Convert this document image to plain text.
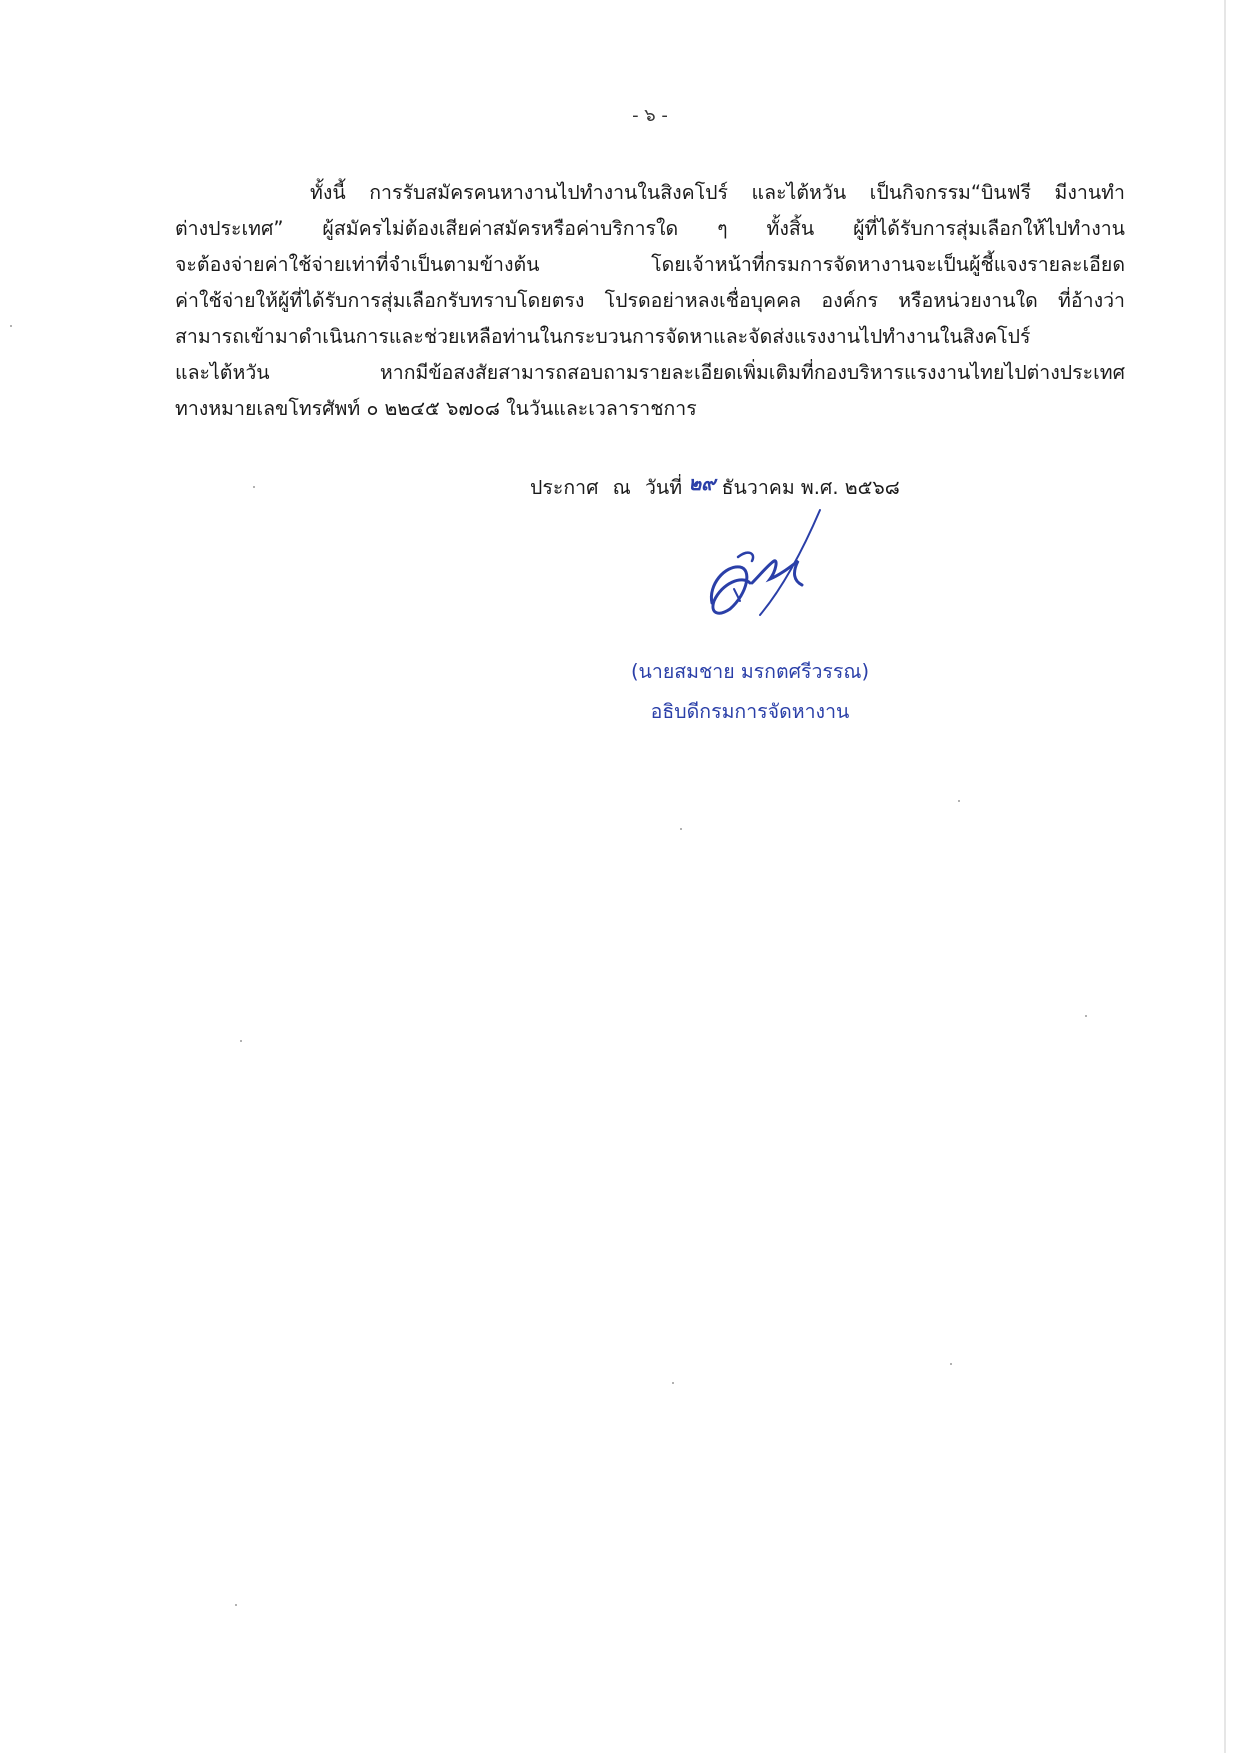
- ๖ -
ทั้งนี้ การรับสมัครคนหางานไปทำงานในสิงคโปร์ และไต้หวัน เป็นกิจกรรม“บินฟรี มีงานทำ
ต่างประเทศ” ผู้สมัครไม่ต้องเสียค่าสมัครหรือค่าบริการใด ๆ ทั้งสิ้น ผู้ที่ได้รับการสุ่มเลือกให้ไปทำงาน
จะต้องจ่ายค่าใช้จ่ายเท่าที่จำเป็นตามข้างต้น โดยเจ้าหน้าที่กรมการจัดหางานจะเป็นผู้ชี้แจงรายละเอียด
ค่าใช้จ่ายให้ผู้ที่ได้รับการสุ่มเลือกรับทราบโดยตรง โปรดอย่าหลงเชื่อบุคคล องค์กร หรือหน่วยงานใด ที่อ้างว่า
สามารถเข้ามาดำเนินการและช่วยเหลือท่านในกระบวนการจัดหาและจัดส่งแรงงานไปทำงานในสิงคโปร์
และไต้หวัน หากมีข้อสงสัยสามารถสอบถามรายละเอียดเพิ่มเติมที่กองบริหารแรงงานไทยไปต่างประเทศ
ทางหมายเลขโทรศัพท์ ๐ ๒๒๔๕ ๖๗๐๘ ในวันและเวลาราชการ
ประกาศ ณ วันที่ ๒๙ ธันวาคม พ.ศ. ๒๕๖๘
(นายสมชาย มรกตศรีวรรณ)
อธิบดีกรมการจัดหางาน
